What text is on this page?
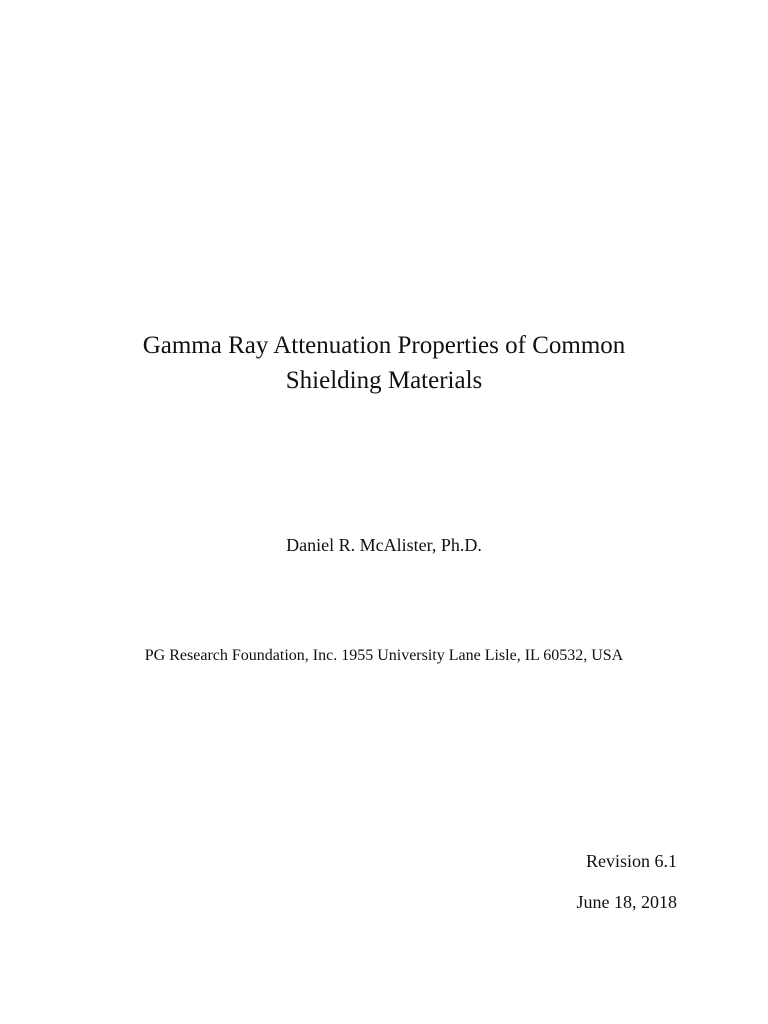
Gamma Ray Attenuation Properties of Common
Shielding Materials
Daniel R. McAlister, Ph.D.
PG Research Foundation, Inc. 1955 University Lane Lisle, IL 60532, USA
Revision 6.1
June 18, 2018
